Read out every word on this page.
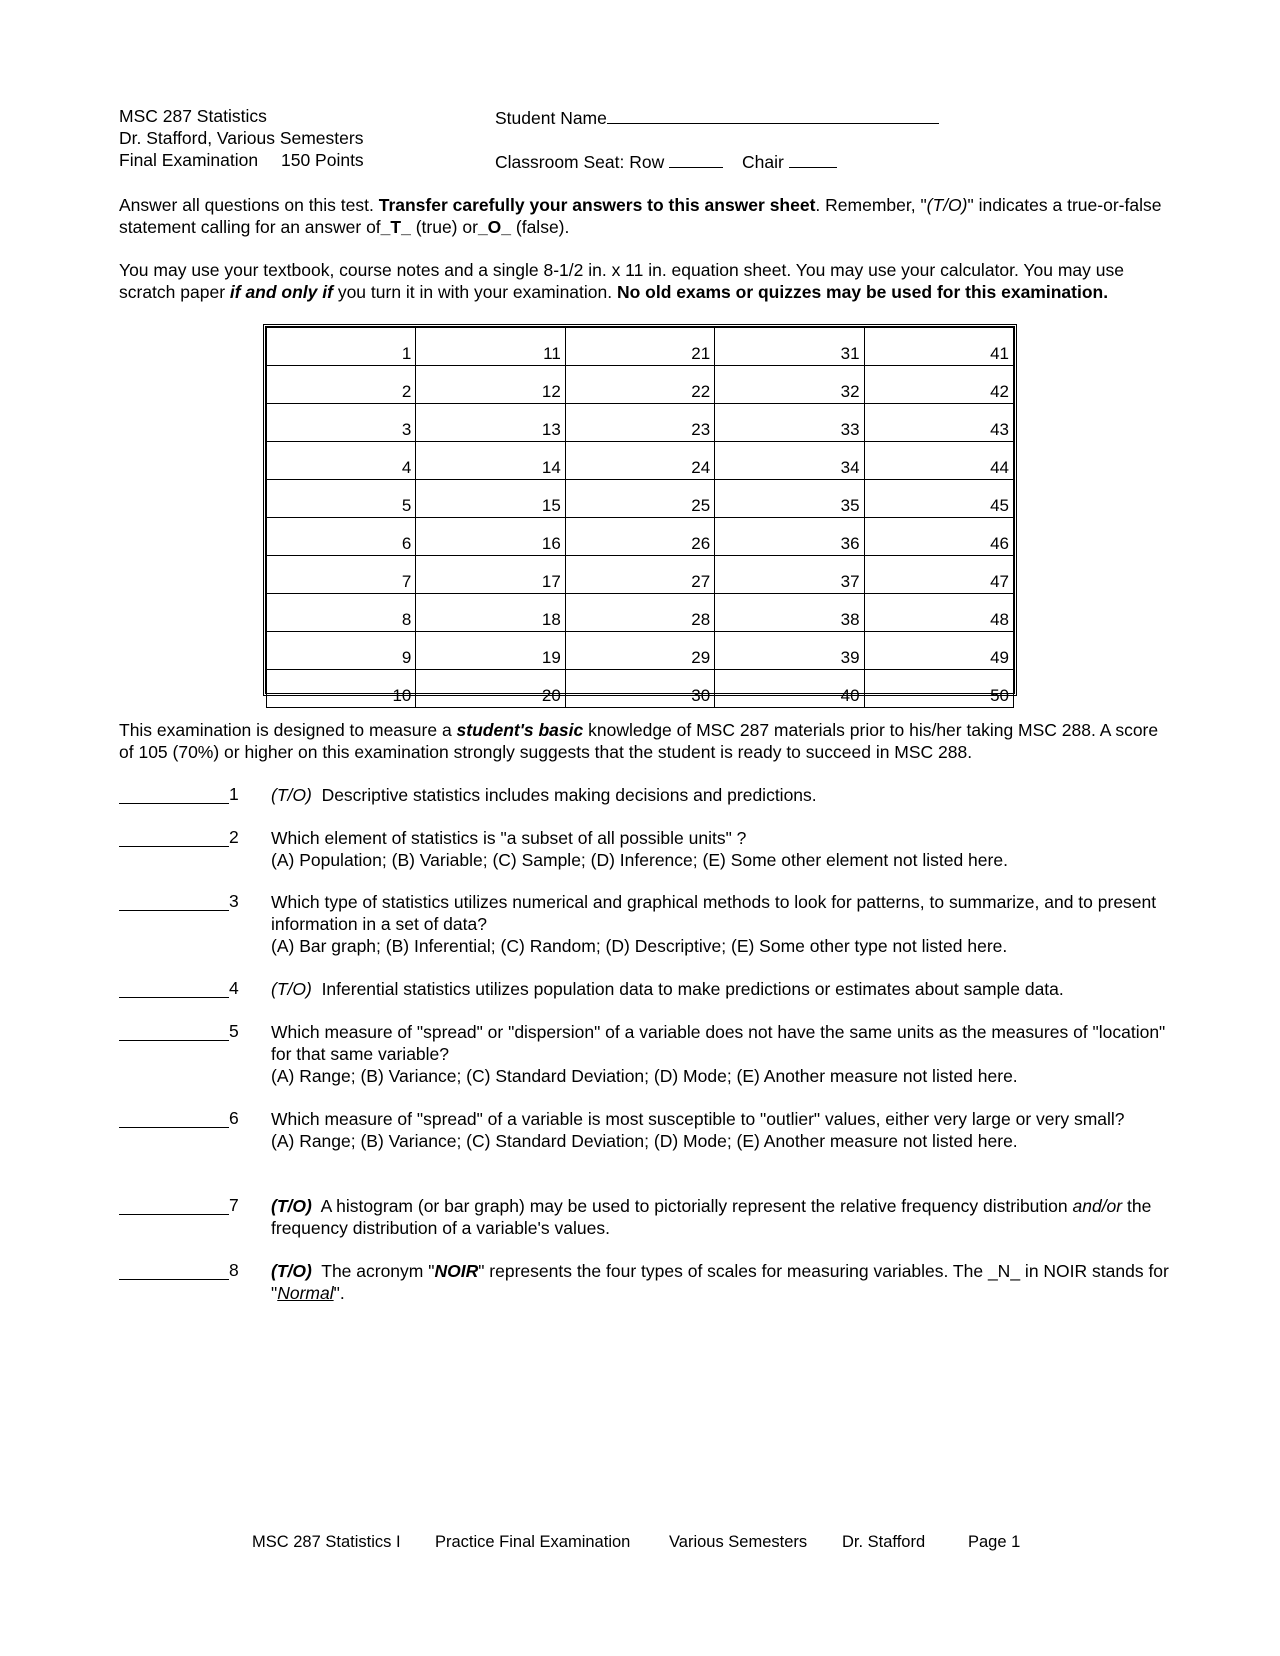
MSC 287 Statistics
Dr. Stafford, Various Semesters
Final Examination 150 Points
Student Name
Classroom Seat: Row	Chair
Answer all questions on this test. Transfer carefully your answers to this answer sheet. Remember, "(T/O)" indicates a true-or-false statement calling for an answer of_T_ (true) or_O_ (false).
You may use your textbook, course notes and a single 8-1/2 in. x 11 in. equation sheet. You may use your calculator. You may use scratch paper if and only if you turn it in with your examination. No old exams or quizzes may be used for this examination.
1	11	21	31	41
2	12	22	32	42
3	13	23	33	43
4	14	24	34	44
5	15	25	35	45
6	16	26	36	46
7	17	27	37	47
8	18	28	38	48
9	19	29	39	49
10	20	30	40	50
This examination is designed to measure a student's basic knowledge of MSC 287 materials prior to his/her taking MSC 288. A score of 105 (70%) or higher on this examination strongly suggests that the student is ready to succeed in MSC 288.
1 (T/O) Descriptive statistics includes making decisions and predictions.
2 Which element of statistics is "a subset of all possible units" ?
(A) Population; (B) Variable; (C) Sample; (D) Inference; (E) Some other element not listed here.
3 Which type of statistics utilizes numerical and graphical methods to look for patterns, to summarize, and to present information in a set of data?
(A) Bar graph; (B) Inferential; (C) Random; (D) Descriptive; (E) Some other type not listed here.
4 (T/O) Inferential statistics utilizes population data to make predictions or estimates about sample data.
5 Which measure of "spread" or "dispersion" of a variable does not have the same units as the measures of "location" for that same variable?
(A) Range; (B) Variance; (C) Standard Deviation; (D) Mode; (E) Another measure not listed here.
6 Which measure of "spread" of a variable is most susceptible to "outlier" values, either very large or very small?
(A) Range; (B) Variance; (C) Standard Deviation; (D) Mode; (E) Another measure not listed here.
7 (T/O) A histogram (or bar graph) may be used to pictorially represent the relative frequency distribution and/or the frequency distribution of a variable's values.
8 (T/O) The acronym "NOIR" represents the four types of scales for measuring variables. The _N_ in NOIR stands for "Normal".
MSC 287 Statistics I Practice Final Examination Various Semesters Dr. Stafford	Page 1
